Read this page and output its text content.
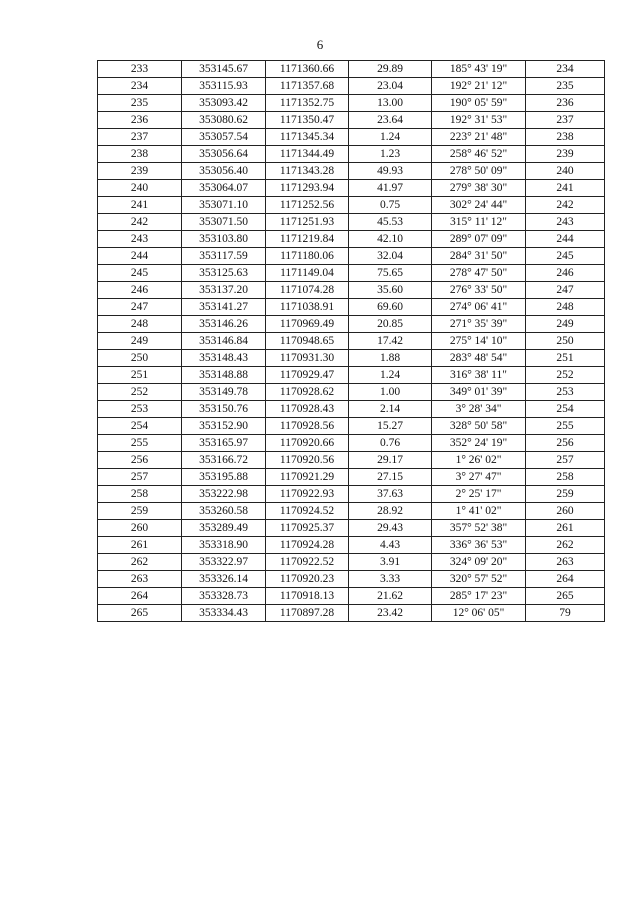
6
233	353145.67	1171360.66	29.89	185° 43' 19"	234
234	353115.93	1171357.68	23.04	192° 21' 12"	235
235	353093.42	1171352.75	13.00	190° 05' 59"	236
236	353080.62	1171350.47	23.64	192° 31' 53"	237
237	353057.54	1171345.34	1.24	223° 21' 48"	238
238	353056.64	1171344.49	1.23	258° 46' 52"	239
239	353056.40	1171343.28	49.93	278° 50' 09"	240
240	353064.07	1171293.94	41.97	279° 38' 30"	241
241	353071.10	1171252.56	0.75	302° 24' 44"	242
242	353071.50	1171251.93	45.53	315° 11' 12"	243
243	353103.80	1171219.84	42.10	289° 07' 09"	244
244	353117.59	1171180.06	32.04	284° 31' 50"	245
245	353125.63	1171149.04	75.65	278° 47' 50"	246
246	353137.20	1171074.28	35.60	276° 33' 50"	247
247	353141.27	1171038.91	69.60	274° 06' 41"	248
248	353146.26	1170969.49	20.85	271° 35' 39"	249
249	353146.84	1170948.65	17.42	275° 14' 10"	250
250	353148.43	1170931.30	1.88	283° 48' 54"	251
251	353148.88	1170929.47	1.24	316° 38' 11"	252
252	353149.78	1170928.62	1.00	349° 01' 39"	253
253	353150.76	1170928.43	2.14	3° 28' 34"	254
254	353152.90	1170928.56	15.27	328° 50' 58"	255
255	353165.97	1170920.66	0.76	352° 24' 19"	256
256	353166.72	1170920.56	29.17	1° 26' 02"	257
257	353195.88	1170921.29	27.15	3° 27' 47"	258
258	353222.98	1170922.93	37.63	2° 25' 17"	259
259	353260.58	1170924.52	28.92	1° 41' 02"	260
260	353289.49	1170925.37	29.43	357° 52' 38"	261
261	353318.90	1170924.28	4.43	336° 36' 53"	262
262	353322.97	1170922.52	3.91	324° 09' 20"	263
263	353326.14	1170920.23	3.33	320° 57' 52"	264
264	353328.73	1170918.13	21.62	285° 17' 23"	265
265	353334.43	1170897.28	23.42	12° 06' 05"	79
